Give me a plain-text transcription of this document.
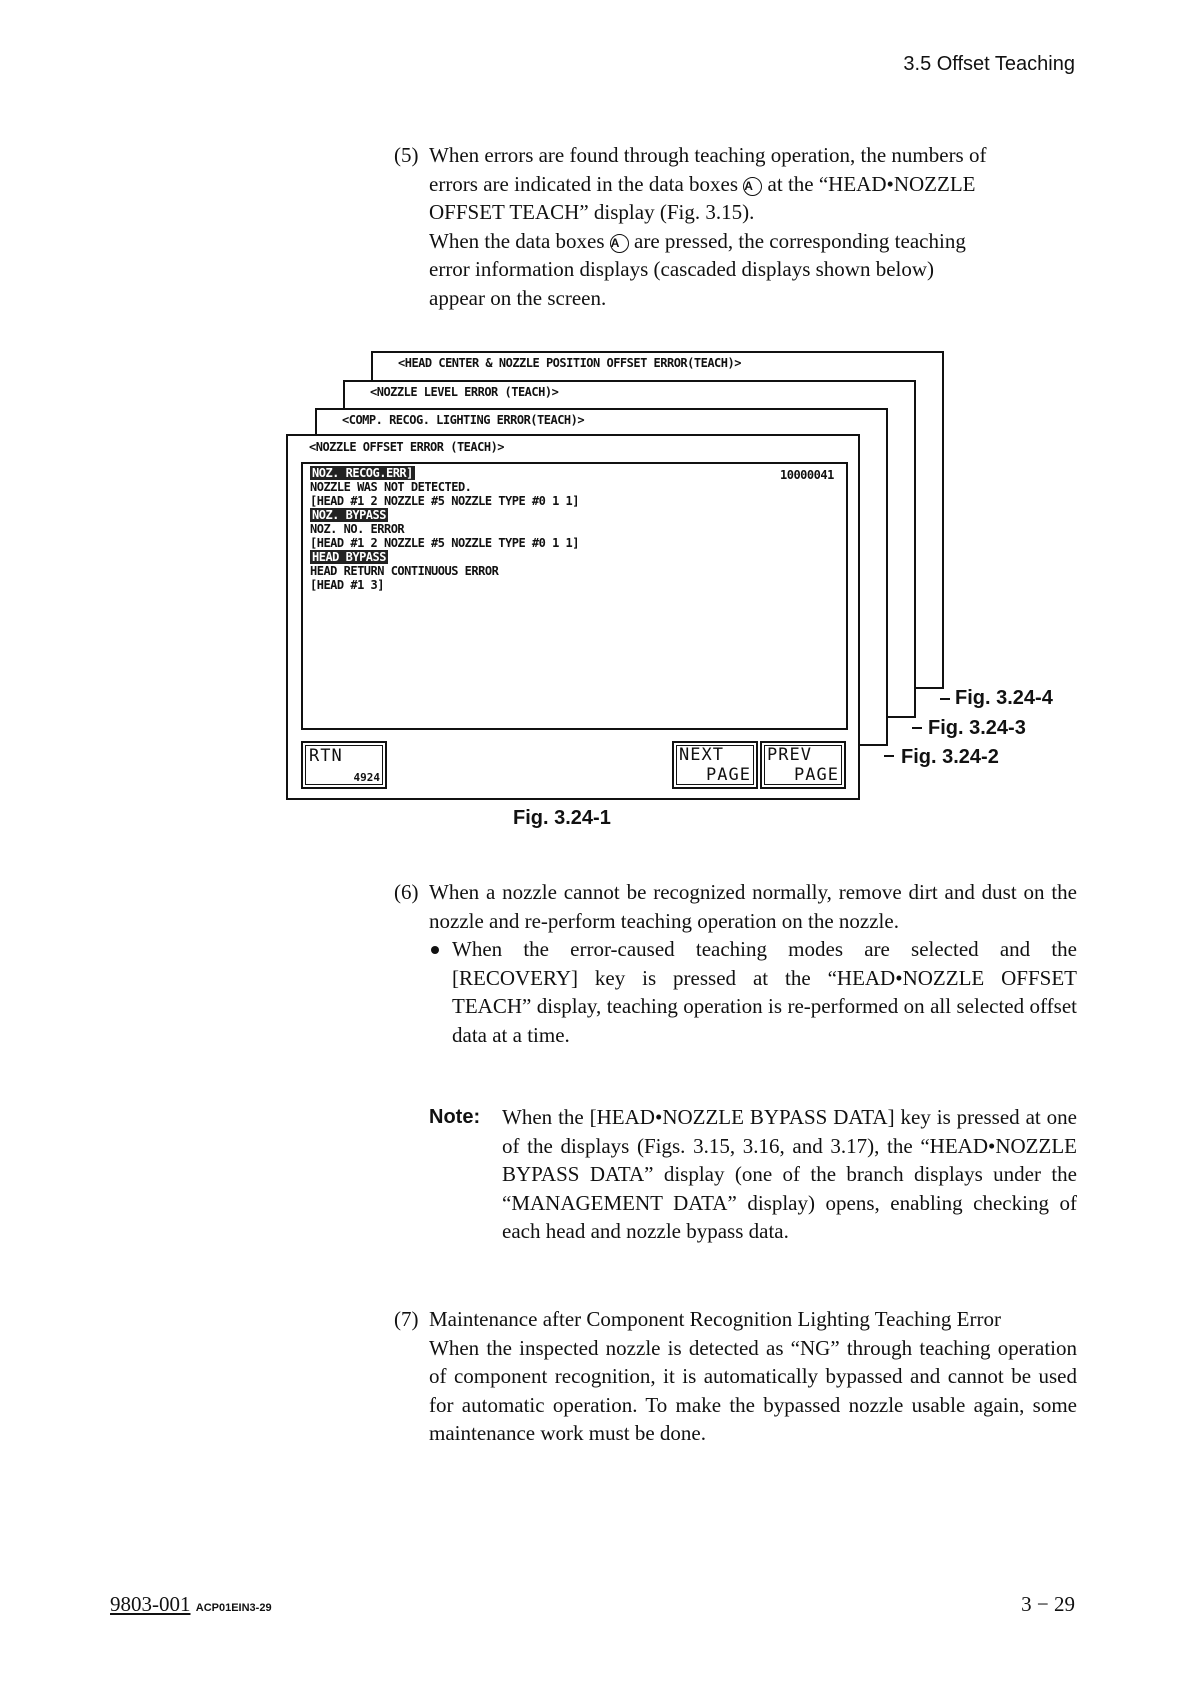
3.5 Offset Teaching
(5) When errors are found through teaching operation, the numbers of

errors are indicated in the data boxes A at the “HEAD•NOZZLE

OFFSET TEACH” display (Fig. 3.15).

When the data boxes A are pressed, the corresponding teaching

error information displays (cascaded displays shown below)

appear on the screen.

<HEAD CENTER & NOZZLE POSITION OFFSET ERROR(TEACH)>
<NOZZLE LEVEL ERROR (TEACH)>
<COMP. RECOG. LIGHTING ERROR(TEACH)>
<NOZZLE OFFSET ERROR (TEACH)>
10000041
NOZ. RECOG.ERR]
NOZZLE WAS NOT DETECTED.
[HEAD #1 2 NOZZLE #5 NOZZLE TYPE #0 1 1]
NOZ. BYPASS
NOZ. NO. ERROR
[HEAD #1 2 NOZZLE #5 NOZZLE TYPE #0 1 1]
HEAD BYPASS
HEAD RETURN CONTINUOUS ERROR
[HEAD #1 3]
RTN
4924
NEXT
PAGE
PREV
PAGE
Fig. 3.24-4
Fig. 3.24-3
Fig. 3.24-2
Fig. 3.24-1
(6) When a nozzle cannot be recognized normally, remove dirt and dust on the nozzle and re-perform teaching operation on the nozzle.

When the error-caused teaching modes are selected and the [RECOVERY] key is pressed at the “HEAD•NOZZLE OFFSET TEACH” display, teaching operation is re-performed on all selected offset data at a time.

Note: When the [HEAD•NOZZLE BYPASS DATA] key is pressed at one of the displays (Figs. 3.15, 3.16, and 3.17), the “HEAD•NOZZLE BYPASS DATA” display (one of the branch displays under the “MANAGEMENT DATA” display) opens, enabling checking of each head and nozzle bypass data.
(7) Maintenance after Component Recognition Lighting Teaching Error

When the inspected nozzle is detected as “NG” through teaching operation of component recognition, it is automatically bypassed and cannot be used for automatic operation. To make the bypassed nozzle usable again, some maintenance work must be done.

9803-001 ACP01EIN3-29	3 − 29
